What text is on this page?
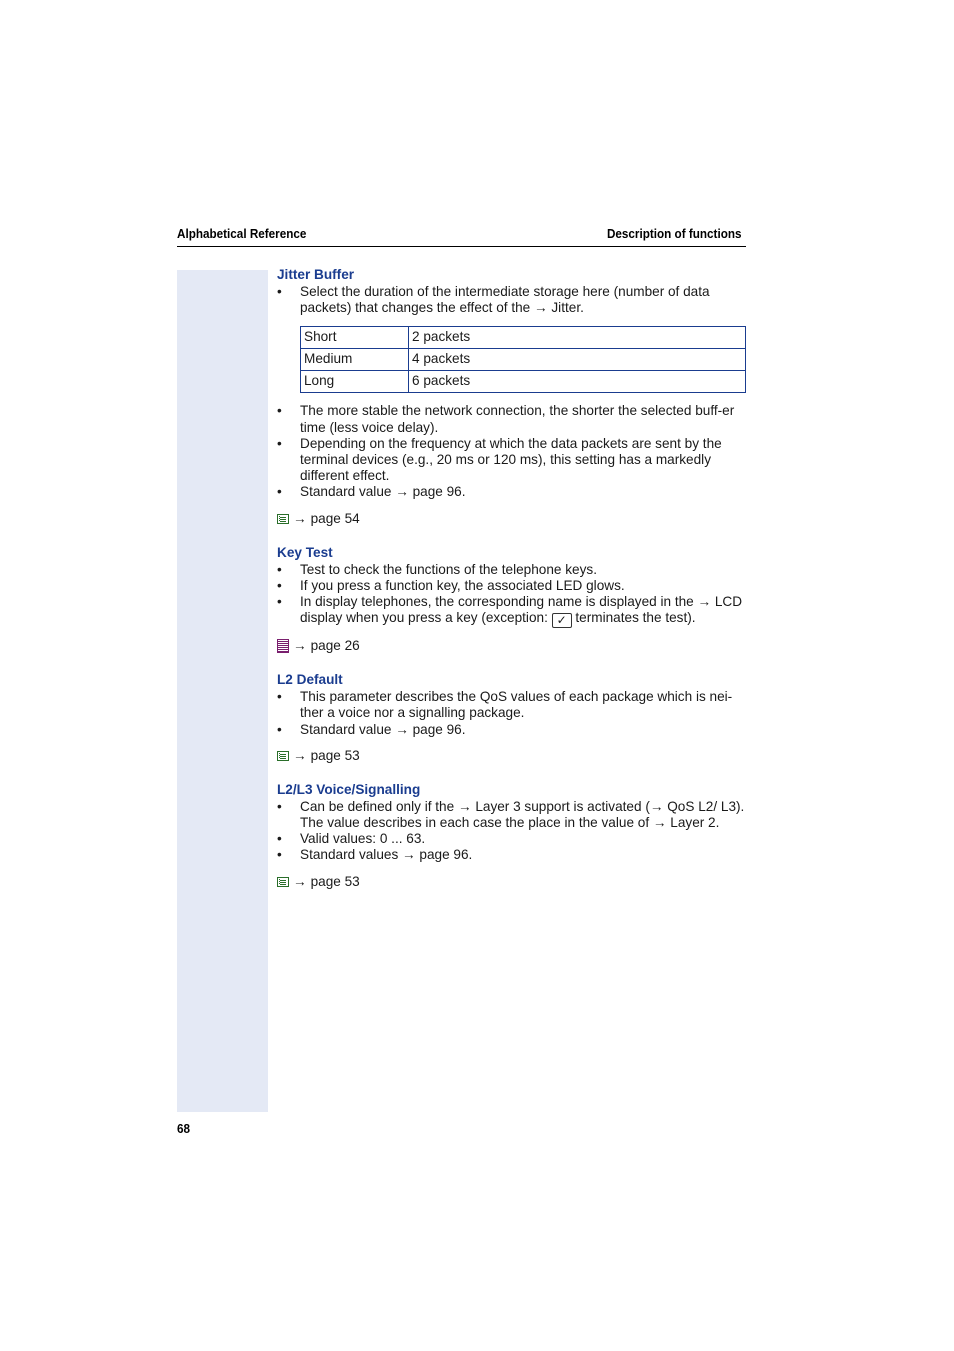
Alphabetical Reference	Description of functions
Jitter Buffer
• Select the duration of the intermediate storage here (number of data packets) that changes the effect of the → Jitter.
Short	2 packets
Medium	4 packets
Long	6 packets
• The more stable the network connection, the shorter the selected buff-er time (less voice delay).
• Depending on the frequency at which the data packets are sent by the terminal devices (e.g., 20 ms or 120 ms), this setting has a markedly different effect.
• Standard value → page 96.
→ page 54
Key Test
• Test to check the functions of the telephone keys.
• If you press a function key, the associated LED glows.
• In display telephones, the corresponding name is displayed in the → LCD display when you press a key (exception: ✓ terminates the test).
→ page 26
L2 Default
• This parameter describes the QoS values of each package which is nei-ther a voice nor a signalling package.
• Standard value → page 96.
→ page 53
L2/L3 Voice/Signalling
• Can be defined only if the → Layer 3 support is activated (→ QoS L2/ L3). The value describes in each case the place in the value of → Layer 2.
• Valid values: 0 ... 63.
• Standard values → page 96.
→ page 53
68
